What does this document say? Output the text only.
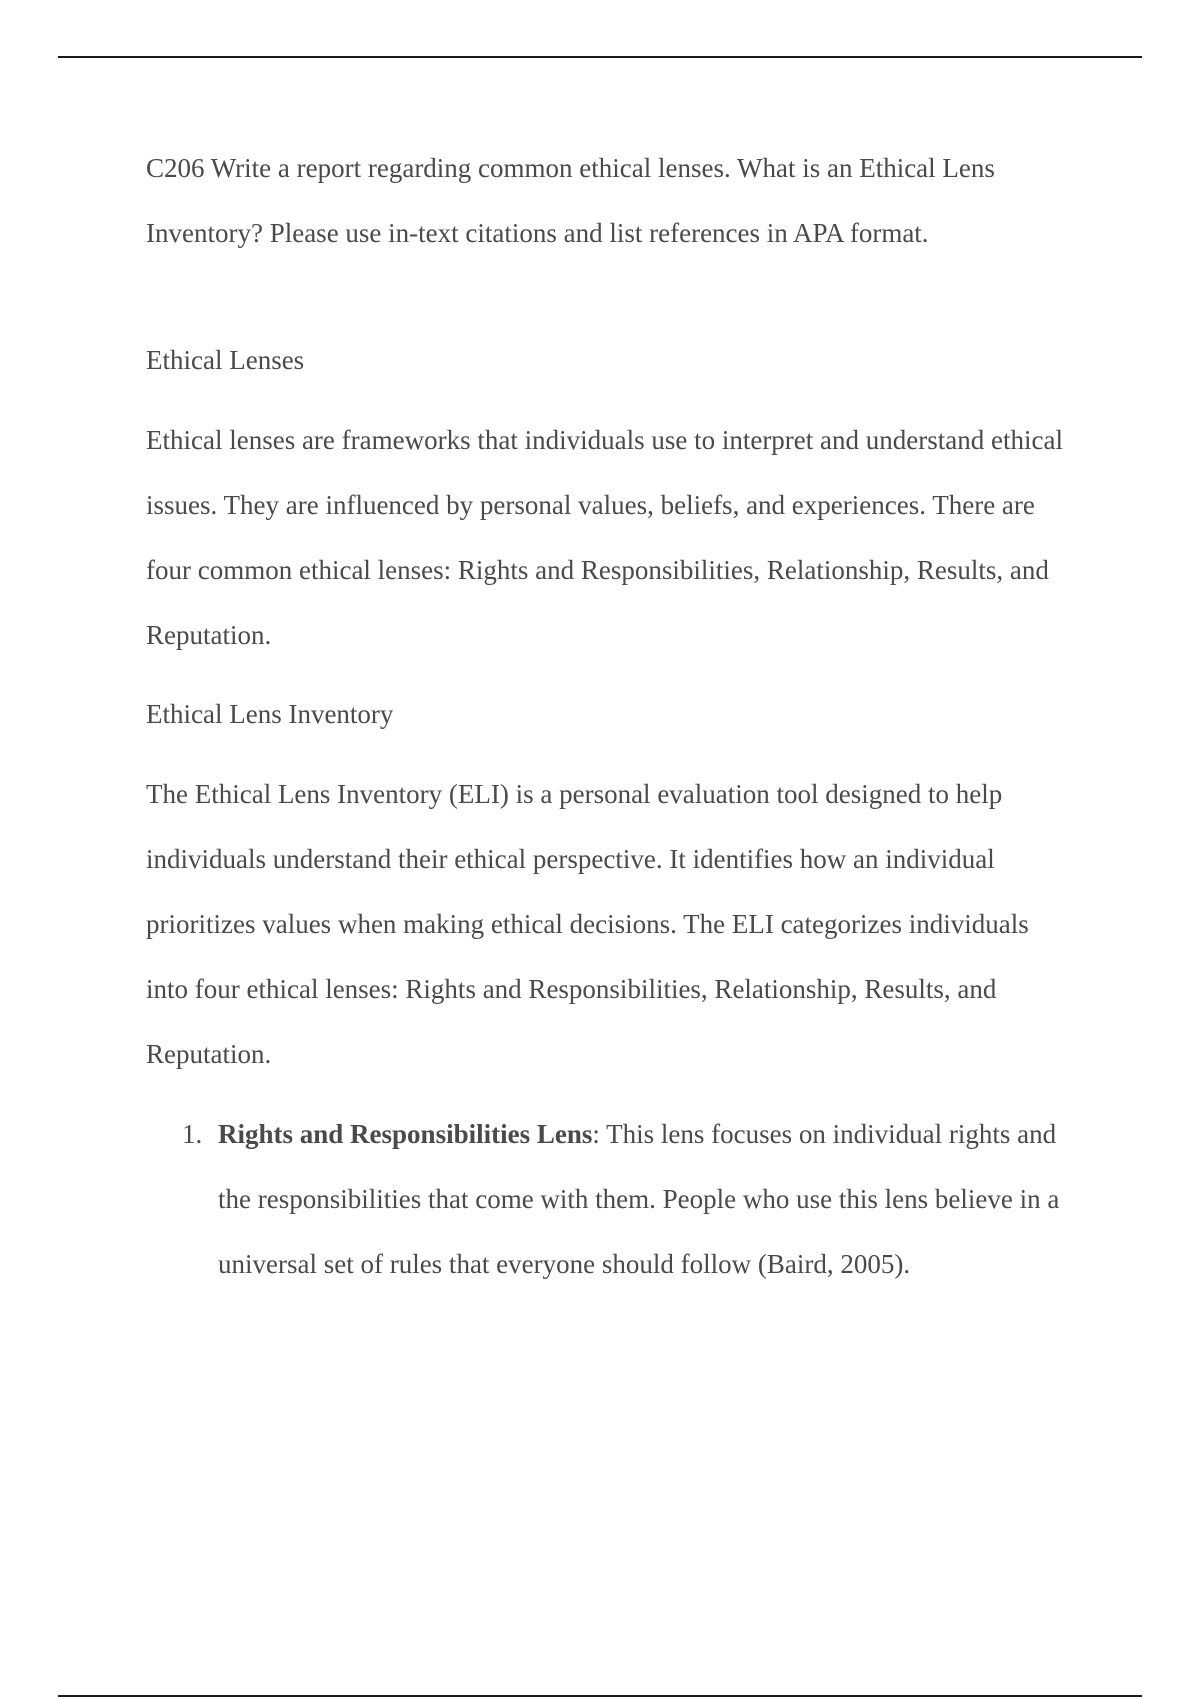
C206 Write a report regarding common ethical lenses. What is an Ethical Lens Inventory? Please use in-text citations and list references in APA format.

Ethical Lenses

Ethical lenses are frameworks that individuals use to interpret and understand ethical issues. They are influenced by personal values, beliefs, and experiences. There are four common ethical lenses: Rights and Responsibilities, Relationship, Results, and Reputation.

Ethical Lens Inventory

The Ethical Lens Inventory (ELI) is a personal evaluation tool designed to help individuals understand their ethical perspective. It identifies how an individual prioritizes values when making ethical decisions. The ELI categorizes individuals into four ethical lenses: Rights and Responsibilities, Relationship, Results, and Reputation.

1. Rights and Responsibilities Lens: This lens focuses on individual rights and the responsibilities that come with them. People who use this lens believe in a universal set of rules that everyone should follow (Baird, 2005).
